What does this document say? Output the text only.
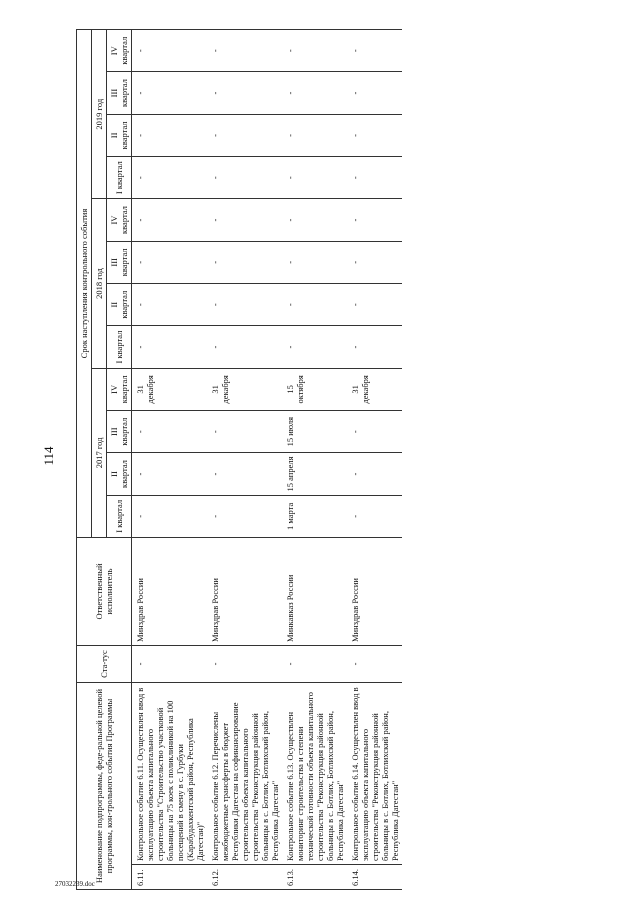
114
Наименование подпрограммы, феде-ральной целевой программы, кон-трольного события Программы		Ста-тус	Ответственный исполнитель	Срок наступления контрольного события											
				2017 год				2018 год				2019 год			
				I квартал	II квартал	III квартал	IV квартал	I квартал	II квартал	III квартал	IV квартал	I квартал	II квартал	III квартал	IV квартал
6.11.	Контрольное событие 6.11. Осуществлен ввод в эксплуатацию объекта капитального строительства "Строительство участковой больницы на 75 коек с поликлиникой на 100 посещений в смену в с. Гурбуки (Карабудахкентский район, Республика Дагестан)"	-	Минздрав России	-	-	-	31 декабря	-	-	-	-	-	-	-	-
6.12.	Контрольное событие 6.12. Перечислены межбюджетные трансферты в бюджет Республики Дагестан на софинансирование строительства объекта капитального строительства "Реконструкция районной больницы в с. Ботлих, Ботлихский район, Республика Дагестан"	-	Минздрав России	-	-	-	31 декабря	-	-	-	-	-	-	-	-
6.13.	Контрольное событие 6.13. Осуществлен мониторинг строительства и степени технической готовности объекта капитального строительства "Реконструкция районной больницы в с. Ботлих, Ботлихский район, Республика Дагестан"	-	Минкавказ России	1 марта	15 апреля	15 июля	15 октября	-	-	-	-	-	-	-	-
6.14.	Контрольное событие 6.14. Осуществлен ввод в эксплуатацию объекта капитального строительства "Реконструкция районной больницы в с. Ботлих, Ботлихский район, Республика Дагестан"	-	Минздрав России	-	-	-	31 декабря	-	-	-	-	-	-	-	-
27032239.doc
